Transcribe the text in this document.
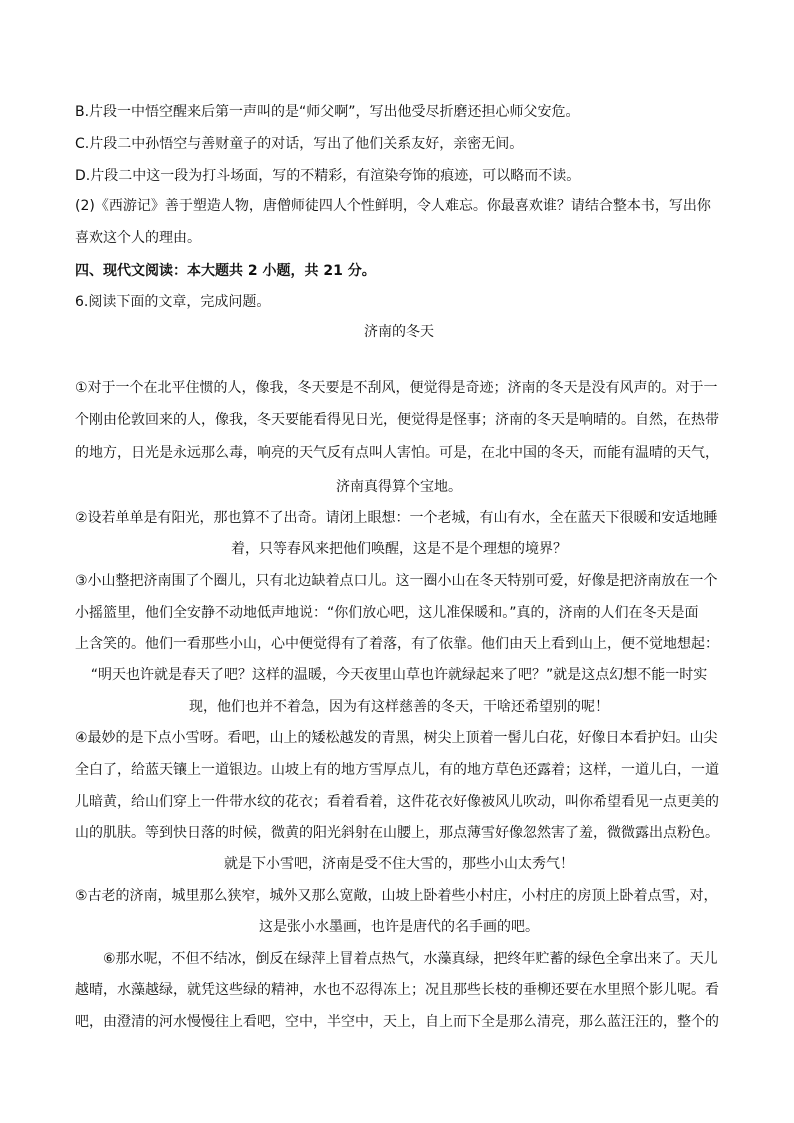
B.片段一中悟空醒来后第一声叫的是“师父啊”，写出他受尽折磨还担心师父安危。
C.片段二中孙悟空与善财童子的对话，写出了他们关系友好，亲密无间。
D.片段二中这一段为打斗场面，写的不精彩，有渲染夸饰的痕迹，可以略而不读。
(2)《西游记》善于塑造人物，唐僧师徒四人个性鲜明，令人难忘。你最喜欢谁？请结合整本书，写出你
喜欢这个人的理由。
四、现代文阅读：本大题共 2 小题，共 21 分。
6.阅读下面的文章，完成问题。
济南的冬天
①对于一个在北平住惯的人，像我，冬天要是不刮风，便觉得是奇迹；济南的冬天是没有风声的。对于一
个刚由伦敦回来的人，像我，冬天要能看得见日光，便觉得是怪事；济南的冬天是响晴的。自然，在热带
的地方，日光是永远那么毒，响亮的天气反有点叫人害怕。可是，在北中国的冬天，而能有温晴的天气，
济南真得算个宝地。
②设若单单是有阳光，那也算不了出奇。请闭上眼想：一个老城，有山有水，全在蓝天下很暖和安适地睡
着，只等春风来把他们唤醒，这是不是个理想的境界？
③小山整把济南围了个圈儿，只有北边缺着点口儿。这一圈小山在冬天特别可爱，好像是把济南放在一个
小摇篮里，他们全安静不动地低声地说：“你们放心吧，这儿准保暖和。”真的，济南的人们在冬天是面
上含笑的。他们一看那些小山，心中便觉得有了着落，有了依靠。他们由天上看到山上，便不觉地想起：
“明天也许就是春天了吧？这样的温暖，今天夜里山草也许就绿起来了吧？”就是这点幻想不能一时实
现，他们也并不着急，因为有这样慈善的冬天，干啥还希望别的呢！
④最妙的是下点小雪呀。看吧，山上的矮松越发的青黑，树尖上顶着一髻儿白花，好像日本看护妇。山尖
全白了，给蓝天镶上一道银边。山坡上有的地方雪厚点儿，有的地方草色还露着；这样，一道儿白，一道
儿暗黄，给山们穿上一件带水纹的花衣；看着看着，这件花衣好像被风儿吹动，叫你希望看见一点更美的
山的肌肤。等到快日落的时候，微黄的阳光斜射在山腰上，那点薄雪好像忽然害了羞，微微露出点粉色。
就是下小雪吧，济南是受不住大雪的，那些小山太秀气！
⑤古老的济南，城里那么狭窄，城外又那么宽敞，山坡上卧着些小村庄，小村庄的房顶上卧着点雪，对，
这是张小水墨画，也许是唐代的名手画的吧。
⑥那水呢，不但不结冰，倒反在绿萍上冒着点热气，水藻真绿，把终年贮蓄的绿色全拿出来了。天儿
越晴，水藻越绿，就凭这些绿的精神，水也不忍得冻上；况且那些长枝的垂柳还要在水里照个影儿呢。看
吧，由澄清的河水慢慢往上看吧，空中，半空中，天上，自上而下全是那么清亮，那么蓝汪汪的，整个的
